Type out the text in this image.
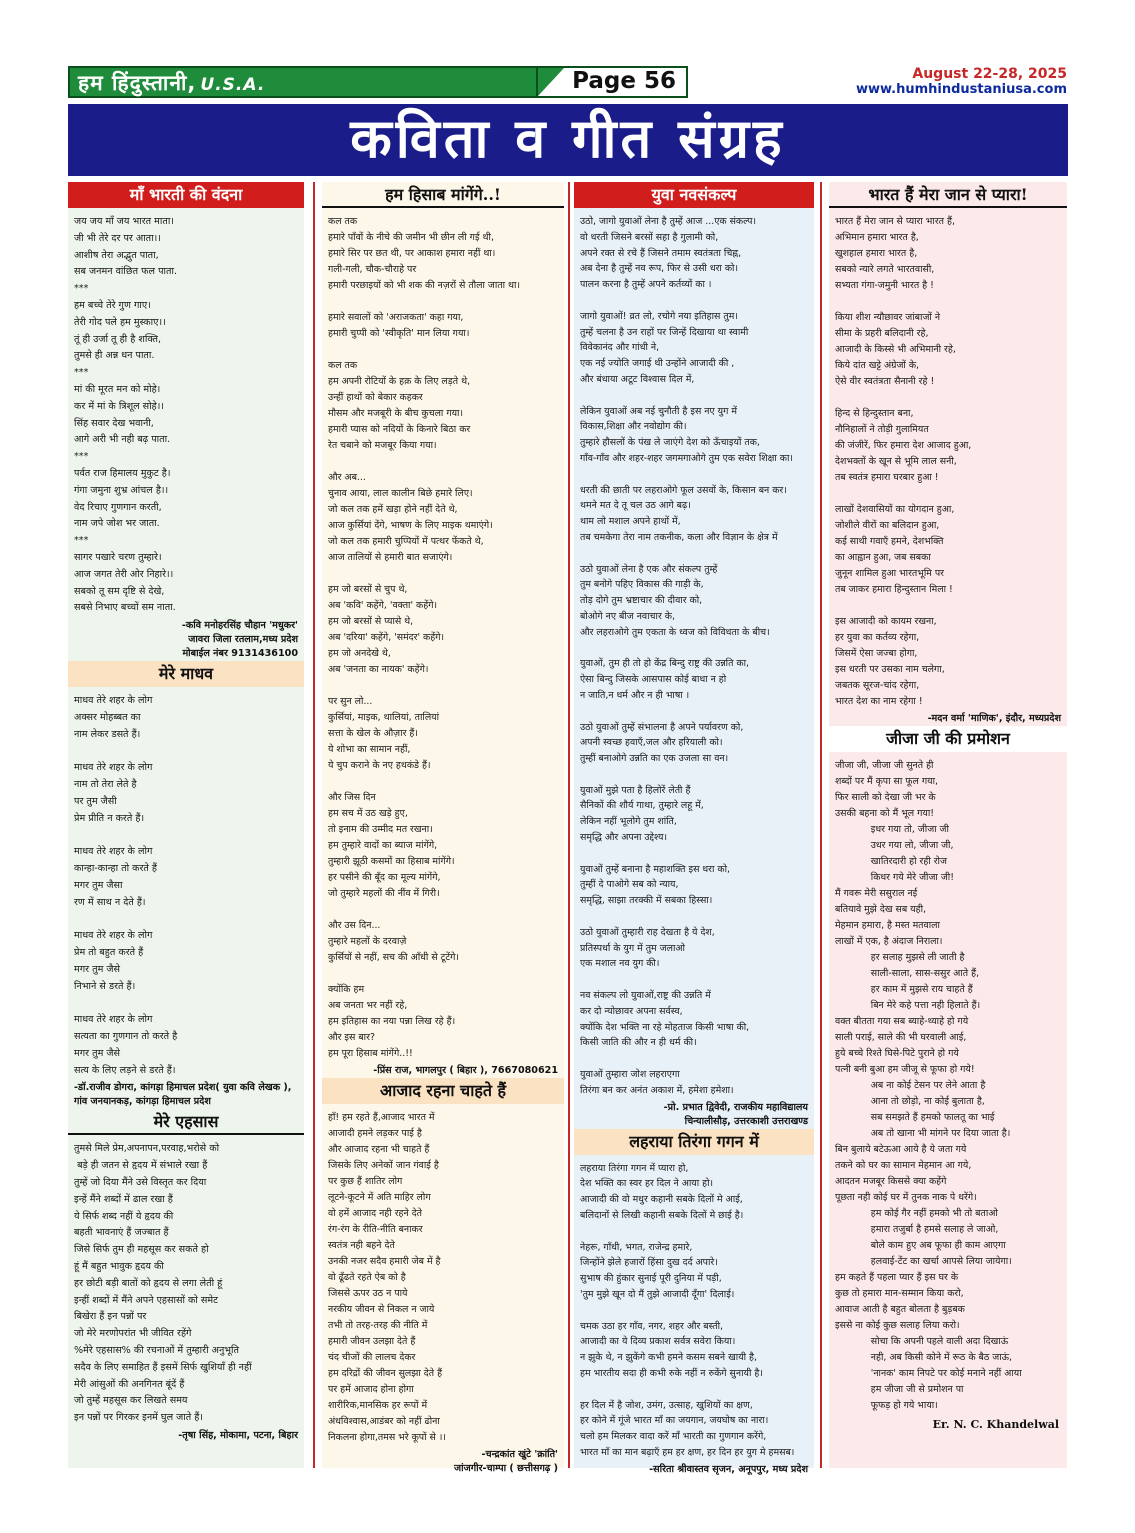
हम हिंदुस्तानी, U.S.A.	Page 56	August 22-28, 2025
www.humhindustaniusa.com
कविता व गीत संग्रह
माँ भारती की वंदना
जय जय माँ जय भारत माता।
जी भी तेरे दर पर आता।।
आशीष तेरा अद्भुत पाता,
सब जनमन वांछित फल पाता.
***
हम बच्चे तेरे गुण गाए।
तेरी गोद पले हम मुस्काए।।
तूं ही उर्जा तू ही है शक्ति,
तुमसे ही अन्न धन पाता.
***
मां की मूरत मन को मोहे।
कर में मां के त्रिशूल सोहे।।
सिंह सवार देख भवानी,
आगे अरी भी नही बढ़ पाता.
***
पर्वत राज हिमालय मुकुट है।
गंगा जमुना शुभ्र आंचल है।।
वेद रिचाए गुणगान करती,
नाम जपे जोश भर जाता.
***
सागर पखारे चरण तुम्हारे।
आज जगत तेरी ओर निहारे।।
सबको तू सम दृष्टि से देखे,
सबसे निभाए बच्चों सम नाता.
-कवि मनोहरसिंह चौहान 'मधुकर'
जावरा जिला रतलाम,मध्य प्रदेश
मोबाईल नंबर 9131436100
मेरे माधव
माधव तेरे शहर के लोग
अक्सर मोहब्बत का
नाम लेकर डसते हैं।

माधव तेरे शहर के लोग
नाम तो तेरा लेते है
पर तुम जैसी
प्रेम प्रीति न करते हैं।

माधव तेरे शहर के लोग
कान्हा-कान्हा तो करते हैं
मगर तुम जैसा
रण में साथ न देते हैं।

माधव तेरे शहर के लोग
प्रेम तो बहुत करते हैं
मगर तुम जैसे
निभाने से डरते हैं।

माधव तेरे शहर के लोग
सत्यता का गुणगान तो करते है
मगर तुम जैसे
सत्य के लिए लड़ने से डरते हैं।
-डॉ.राजीव डोगरा, कांगड़ा हिमाचल प्रदेश( युवा कवि लेखक ), गांव जनयानकड़, कांगड़ा हिमाचल प्रदेश
मेरे एहसास
तुमसे मिले प्रेम,अपनापन,परवाह,भरोसे को
बड़े ही जतन से हृदय में संभाले रखा हैं
तुम्हें जो दिया मैंने उसे विस्तृत कर दिया
इन्हें मैंने शब्दों में ढाल रखा हैं
ये सिर्फ शब्द नहीं ये हृदय की
बहती भावनाएं हैं जज्बात हैं
जिसे सिर्फ तुम ही महसूस कर सकते हो
हूं मैं बहुत भावुक हृदय की
हर छोटी बड़ी बातों को हृदय से लगा लेती हूं
इन्हीं शब्दों में मैंने अपने एहसासों को समेट
बिखेरा हैं इन पन्नों पर
जो मेरे मरणोपरांत भी जीवित रहेंगे
%मेरे एहसास% की रचनाओं में तुम्हारी अनुभूति
सदैव के लिए समाहित हैं इसमें सिर्फ खुशियाँ ही नहीं
मेरी आंसुओं की अनगिनत बूंदें हैं
जो तुम्हें महसूस कर लिखते समय
इन पन्नों पर गिरकर इनमें घुल जाते हैं।
-तृषा सिंह, मोकामा, पटना, बिहार
हम हिसाब मांगेंगे..!
कल तक
हमारे पाँवों के नीचे की जमीन भी छीन ली गई थी,
हमारे सिर पर छत थी, पर आकाश हमारा नहीं था।
गली-गली, चौक-चौराहे पर
हमारी परछाइयों को भी शक की नज़रों से तौला जाता था।

हमारे सवालों को 'अराजकता' कहा गया,
हमारी चुप्पी को 'स्वीकृति' मान लिया गया।

कल तक
हम अपनी रोटियों के हक़ के लिए लड़ते थे,
उन्हीं हाथों को बेकार कहकर
मौसम और मजबूरी के बीच कुचला गया।
हमारी प्यास को नदियों के किनारे बिठा कर
रेत चबाने को मजबूर किया गया।

और अब...
चुनाव आया, लाल कालीन बिछे हमारे लिए।
जो कल तक हमें खड़ा होने नहीं देते थे,
आज कुर्सियां देंगे, भाषण के लिए माइक थमाएंगे।
जो कल तक हमारी चुप्पियों में पत्थर फेंकते थे,
आज तालियों से हमारी बात सजाएंगे।

हम जो बरसों से चुप थे,
अब 'कवि' कहेंगे, 'वक्ता' कहेंगे।
हम जो बरसों से प्यासे थे,
अब 'दरिया' कहेंगे, 'समंदर' कहेंगे।
हम जो अनदेखे थे,
अब 'जनता का नायक' कहेंगे।

पर सुन लो...
कुर्सियां, माइक, थालियां, तालियां
सत्ता के खेल के औज़ार हैं।
ये शोभा का सामान नहीं,
ये चुप कराने के नए हथकंडे हैं।

और जिस दिन
हम सच में उठ खड़े हुए,
तो इनाम की उम्मीद मत रखना।
हम तुम्हारे वादों का ब्याज मांगेंगे,
तुम्हारी झूठी कसमों का हिसाब मांगेंगे।
हर पसीने की बूँद का मूल्य मांगेंगे,
जो तुम्हारे महलों की नींव में गिरी।

और उस दिन...
तुम्हारे महलों के दरवाज़े
कुर्सियों से नहीं, सच की आँधी से टूटेंगे।

क्योंकि हम
अब जनता भर नहीं रहे,
हम इतिहास का नया पन्ना लिख रहे हैं।
और इस बार?
हम पूरा हिसाब मांगेंगे..!!
-प्रिंस राज, भागलपुर ( बिहार ), 7667080621
आजाद रहना चाहते हैं
हाँ! हम रहते हैं,आजाद भारत में
आजादी हमने लड़कर पाई है
और आजाद रहना भी चाहते हैं
जिसके लिए अनेकों जान गंवाई है
पर कुछ हैं शातिर लोग
लूटने-कूटने में अति माहिर लोग
वो हमें आजाद नही रहने देते
रंग-रंग के रीति-नीति बनाकर
स्वतंत्र नही बहने देते
उनकी नजर सदैव हमारी जेब में है
वो ढूँढते रहते ऐब को है
जिससे ऊपर उठ न पाये
नरकीय जीवन से निकल न जाये
तभी तो तरह-तरह की नीति में
हमारी जीवन उलझा देते हैं
चंद चीजों की लालच देकर
हम दरिद्रों की जीवन सुलझा देते हैं
पर हमें आजाद होना होगा
शारीरिक,मानसिक हर रूपों में
अंधविश्वास,आडंबर को नहीं ढोना
निकलना होगा,तमस भरे कूपों से ।।
-चन्द्रकांत खुंटे 'क्रांति'
जांजगीर-चाम्पा ( छत्तीसगढ़ )
युवा नवसंकल्प
उठो, जागो युवाओं लेना है तुम्हें आज ...एक संकल्प।
वो धरती जिसने बरसों सहा है गुलामी को,
अपने रक्त से रचे हैं जिसने तमाम स्वतंत्रता चिह्न,
अब देना है तुम्हें नव रूप, फिर से उसी धरा को।
पालन करना है तुम्हें अपने कर्तव्यों का ।

जागो युवाओं! व्रत लो, रचोगे नया इतिहास तुम।
तुम्हें चलना है उन राहों पर जिन्हें दिखाया था स्वामी
विवेकानंद और गांधी ने,
एक नई ज्योति जगाई थी उन्होंने आजादी की ,
और बंधाया अटूट विश्वास दिल में,

लेकिन युवाओं अब नई चुनौती है इस नए युग में
विकास,शिक्षा और नवोद्योग की।
तुम्हारे हौसलों के पंख ले जाएंगे देश को ऊँचाइयों तक,
गाँव-गाँव और शहर-शहर जगमगाओगे तुम एक सवेरा शिक्षा का।

धरती की छाती पर लहराओगे फूल उसवों के, किसान बन कर।
थमने मत दे तू चल उठ आगे बढ़।
थाम लो मशाल अपने हाथों में,
तब चमकेगा तेरा नाम तकनीक, कला और विज्ञान के क्षेत्र में

उठो युवाओं लेना है एक और संकल्प तुम्हें
तुम बनोगे पहिए विकास की गाड़ी के,
तोड़ दोगे तुम भ्रष्टाचार की दीवार को,
बोओगे नए बीज नवाचार के,
और लहराओगे तुम एकता के ध्वज को विविधता के बीच।

युवाओं, तुम ही तो हो केंद्र बिन्दु राष्ट्र की उन्नति का,
ऐसा बिन्दु जिसके आसपास कोई बाधा न हो
न जाति,न धर्म और न ही भाषा ।

उठो युवाओं तुम्हें संभालना है अपने पर्यावरण को,
अपनी स्वच्छ हवाएँ,जल और हरियाली को।
तुम्हीं बनाओगे उन्नति का एक उजला सा वन।

युवाओं मुझे पता है हिलोरें लेती हैं
सैनिकों की शौर्य गाथा, तुम्हारे लहू में,
लेकिन नहीं भूलोगे तुम शांति,
समृद्धि और अपना उद्देश्य।

युवाओं तुम्हें बनाना है महाशक्ति इस धरा को,
तुम्हीं दे पाओगे सब को न्याय,
समृद्धि, साझा तरक्की में सबका हिस्सा।

उठो युवाओं तुम्हारी राह देखता है ये देश,
प्रतिस्पर्धा के युग में तुम जलाओ
एक मशाल नव युग की।

नव संकल्प लो युवाओं,राष्ट्र की उन्नति में
कर दो न्योछावर अपना सर्वस्व,
क्योंकि देश भक्ति ना रहे मोहताज किसी भाषा की,
किसी जाति की और न ही धर्म की।

युवाओं तुम्हारा जोश लहराएगा
तिरंगा बन कर अनंत अकाश में, हमेशा हमेशा।
-प्रो. प्रभात द्विवेदी, राजकीय महाविद्यालय
चिन्यालीसौड़, उत्तरकाशी उत्तराखण्ड
लहराया तिरंगा गगन में
लहराया तिरंगा गगन में प्यारा हो,
देश भक्ति का स्वर हर दिल ने आया हो।
आजादी की वो मधुर कहानी सबके दिलों मे आई,
बलिदानों से लिखी कहानी सबके दिलों मे छाई है।

नेहरू, गाँधी, भगत, राजेन्द्र हमारे,
जिन्होंने झेले हजारों हिंसा दुख दर्द अपारे।
सुभाष की हुंकार सुनाई पूरी दुनिया में पड़ी,
'तुम मुझे खून दो मैं तुझे आजादी दूँगा' दिलाई।

चमक उठा हर गाँव, नगर, शहर और बस्ती,
आजादी का ये दिव्य प्रकाश सर्वत्र सवेरा किया।
न झुके थे, न झुकेंगे कभी हमने कसम सबने खायी है,
हम भारतीय सदा ही कभी रुके नहीं न रुकेंगे सुनायी है।

हर दिल में है जोश, उमंग, उत्साह, खुशियों का क्षण,
हर कोने में गूंजे भारत माँ का जयगान, जयघोष का नारा।
चलो हम मिलकर वादा करें माँ भारती का गुणगान करेंगे,
भारत माँ का मान बढ़ाएँ हम हर क्षण, हर दिन हर युग मे हमसब।
-सरिता श्रीवास्तव सृजन, अनूपपुर, मध्य प्रदेश
भारत हैं मेरा जान से प्यारा!
भारत हैं मेरा जान से प्यारा भारत हैं,
अभिमान हमारा भारत है,
खुशहाल हमारा भारत है,
सबको न्यारे लगते भारतवासी,
सभ्यता गंगा-जमुनी भारत है !

किया शीश न्यौछावर जांबाजों ने
सीमा के प्रहरी बलिदानी रहे,
आजादी के किस्से भी अभिमानी रहे,
किये दांत खट्टे अंग्रेजों के,
ऐसे वीर स्वतंत्रता सैनानी रहे !

हिन्द से हिन्दुस्तान बना,
नौनिहालों ने तोड़ी गुलामियत
की जंजीरें, फिर हमारा देश आजाद हुआ,
देशभक्तों के खून से भूमि लाल सनी,
तब स्वतंत्र हमारा घरबार हुआ !

लाखों देशवासियों का योगदान हुआ,
जोशीले वीरों का बलिदान हुआ,
कई साथी गवाएँ हमने, देशभक्ति
का आह्वान हुआ, जब सबका
जुनून शामिल हुआ भारतभूमि पर
तब जाकर हमारा हिन्दुस्तान मिला !

इस आजादी को कायम रखना,
हर युवा का कर्तव्य रहेगा,
जिसमें ऐसा जज्बा होगा,
इस धरती पर उसका नाम चलेगा,
जबतक सूरज-चांद रहेगा,
भारत देश का नाम रहेगा !
-मदन वर्मा 'माणिक', इंदौर, मध्यप्रदेश
जीजा जी की प्रमोशन
जीजा जी, जीजा जी सुनते ही
शब्दों पर मैं कृपा सा फूल गया,
फिर साली को देखा जी भर के
उसकी बहना को मैं भूल गया!
इधर गया तो, जीजा जी
उधर गया लो, जीजा जी,
खातिरदारी हो रही रोज
किधर गये मेरे जीजा जी!
मैं गवरू मेरी ससुराल नई
बतियावे मुझे देख सब यही,
मेहमान हमारा, है मस्त मतवाला
लाखों में एक, है अंदाज निराला।
हर सलाह मुझसे ली जाती है
साली-साला, सास-ससुर आते हैं,
हर काम में मुझसे राय चाहते हैं
बिन मेरे कहे पत्ता नही हिलाते हैं।
वक्त बीतता गया सब ब्याहे-थ्याहे हो गये
साली पराई, साले की भी घरवाली आई,
हुये बच्चे रिश्ते घिसे-पिटे पुराने हो गये
पत्नी बनी बुआ हम जीजू से फूफा हो गये!
अब ना कोई टेसन पर लेने आता है
आना तो छोड़ो, ना कोई बुलाता है,
सब समझते हैं हमको फालतू का भाई
अब तो खाना भी मांगने पर दिया जाता है।
बिन बुलाये बटेऊआ आये है ये जता गये
तकने को घर का सामान मेहमान आ गये,
आदतन मजबूर किससे क्या कहेंगे
पूछता नही कोई घर में तुनक नाक पे धरेंगे।
हम कोई गैर नहीं हमको भी तो बताओ
हमारा तजुर्बा है हमसे सलाह ले जाओ,
बोले काम हुए अब फूफा ही काम आएगा
हलवाई-टेंट का खर्चा आपसे लिया जायेगा।
हम कहते हैं पहला प्यार हैं इस घर के
कुछ तो हमारा मान-सम्मान किया करो,
आवाज आती है बहुत बोलता है बुड़बक
इससे ना कोई कुछ सलाह लिया करो।
सोचा कि अपनी पहले वाली अदा दिखाऊं
नही, अब किसी कोने में रूठ के बैठ जाऊं,
'नानक' काम निपटे पर कोई मनाने नहीं आया
हम जीजा जी से प्रमोशन पा
फूफड़ हो गये भाया।
Er. N. C. Khandelwal
